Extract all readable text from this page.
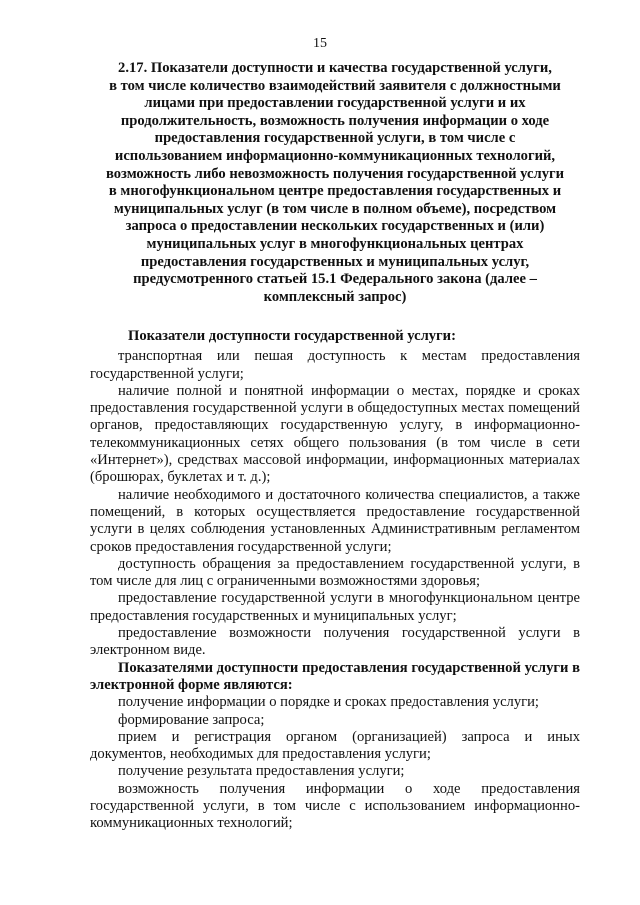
15
2.17. Показатели доступности и качества государственной услуги,
в том числе количество взаимодействий заявителя с должностными
лицами при предоставлении государственной услуги и их
продолжительность, возможность получения информации о ходе
предоставления государственной услуги, в том числе с
использованием информационно-коммуникационных технологий,
возможность либо невозможность получения государственной услуги
в многофункциональном центре предоставления государственных и
муниципальных услуг (в том числе в полном объеме), посредством
запроса о предоставлении нескольких государственных и (или)
муниципальных услуг в многофункциональных центрах
предоставления государственных и муниципальных услуг,
предусмотренного статьей 15.1 Федерального закона (далее –
комплексный запрос)

Показатели доступности государственной услуги:

транспортная или пешая доступность к местам предоставления государственной услуги;

наличие полной и понятной информации о местах, порядке и сроках предоставления государственной услуги в общедоступных местах помещений органов, предоставляющих государственную услугу, в информационно-телекоммуникационных сетях общего пользования (в том числе в сети «Интернет»), средствах массовой информации, информационных материалах (брошюрах, буклетах и т. д.);

наличие необходимого и достаточного количества специалистов, а также помещений, в которых осуществляется предоставление государственной услуги в целях соблюдения установленных Административным регламентом сроков предоставления государственной услуги;

доступность обращения за предоставлением государственной услуги, в том числе для лиц с ограниченными возможностями здоровья;

предоставление государственной услуги в многофункциональном центре предоставления государственных и муниципальных услуг;

предоставление возможности получения государственной услуги в электронном виде.

Показателями доступности предоставления государственной услуги в электронной форме являются:

получение информации о порядке и сроках предоставления услуги;

формирование запроса;

прием и регистрация органом (организацией) запроса и иных документов, необходимых для предоставления услуги;

получение результата предоставления услуги;

возможность получения информации о ходе предоставления государственной услуги, в том числе с использованием информационно-коммуникационных технологий;
